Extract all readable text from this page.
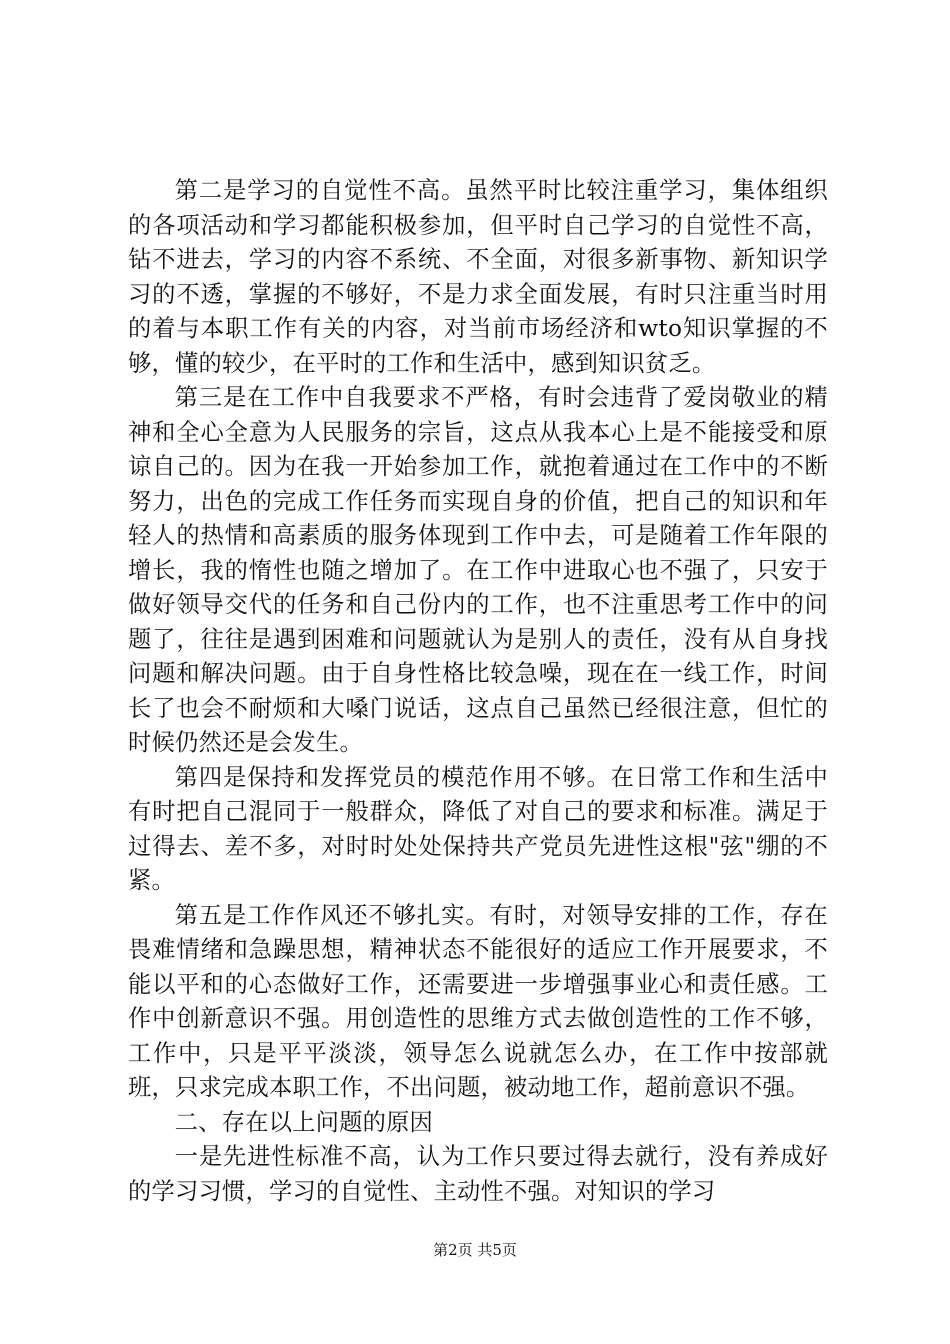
第二是学习的自觉性不高。虽然平时比较注重学习，集体组织的各项活动和学习都能积极参加，但平时自己学习的自觉性不高，钻不进去，学习的内容不系统、不全面，对很多新事物、新知识学习的不透，掌握的不够好，不是力求全面发展，有时只注重当时用的着与本职工作有关的内容，对当前市场经济和wto知识掌握的不够，懂的较少，在平时的工作和生活中，感到知识贫乏。

第三是在工作中自我要求不严格，有时会违背了爱岗敬业的精神和全心全意为人民服务的宗旨，这点从我本心上是不能接受和原谅自己的。因为在我一开始参加工作，就抱着通过在工作中的不断努力，出色的完成工作任务而实现自身的价值，把自己的知识和年轻人的热情和高素质的服务体现到工作中去，可是随着工作年限的增长，我的惰性也随之增加了。在工作中进取心也不强了，只安于做好领导交代的任务和自己份内的工作，也不注重思考工作中的问题了，往往是遇到困难和问题就认为是别人的责任，没有从自身找问题和解决问题。由于自身性格比较急噪，现在在一线工作，时间长了也会不耐烦和大嗓门说话，这点自己虽然已经很注意，但忙的时候仍然还是会发生。

第四是保持和发挥党员的模范作用不够。在日常工作和生活中有时把自己混同于一般群众，降低了对自己的要求和标准。满足于过得去、差不多，对时时处处保持共产党员先进性这根"弦"绷的不紧。

第五是工作作风还不够扎实。有时，对领导安排的工作，存在畏难情绪和急躁思想，精神状态不能很好的适应工作开展要求，不能以平和的心态做好工作，还需要进一步增强事业心和责任感。工作中创新意识不强。用创造性的思维方式去做创造性的工作不够，工作中，只是平平淡淡，领导怎么说就怎么办，在工作中按部就班，只求完成本职工作，不出问题，被动地工作，超前意识不强。

二、存在以上问题的原因

一是先进性标准不高，认为工作只要过得去就行，没有养成好的学习习惯，学习的自觉性、主动性不强。对知识的学习

第2页 共5页
